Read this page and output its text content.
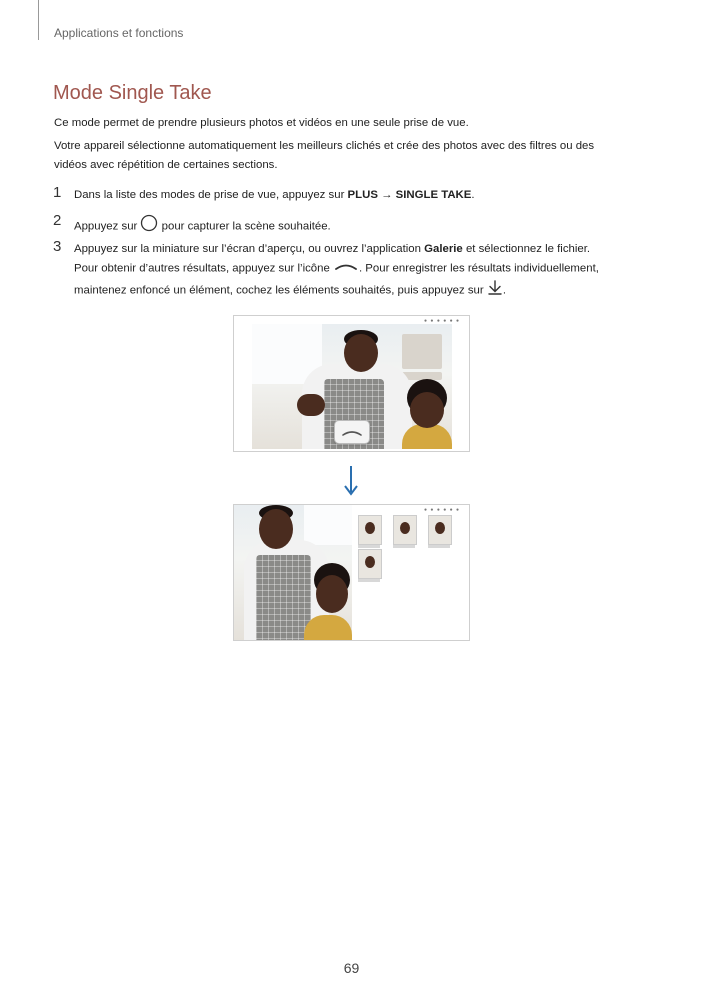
Applications et fonctions
Mode Single Take

Ce mode permet de prendre plusieurs photos et vidéos en une seule prise de vue.

Votre appareil sélectionne automatiquement les meilleurs clichés et crée des photos avec des filtres ou des

vidéos avec répétition de certaines sections.

1 Dans la liste des modes de prise de vue, appuyez sur PLUS → SINGLE TAKE.
2 Appuyez sur  pour capturer la scène souhaitée.
3 Appuyez sur la miniature sur l’écran d’aperçu, ou ouvrez l’application Galerie et sélectionnez le fichier.
Pour obtenir d’autres résultats, appuyez sur l’icône . Pour enregistrer les résultats individuellement,
maintenez enfoncé un élément, cochez les éléments souhaités, puis appuyez sur .
● ● ● ● ● ●
● ● ● ● ● ●
69
